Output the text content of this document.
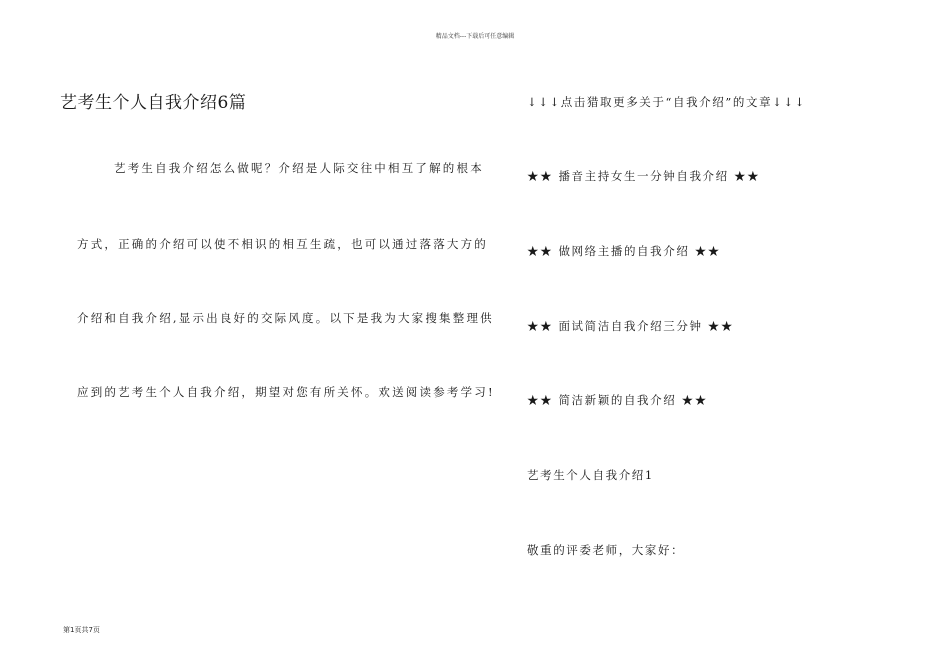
精品文档---下载后可任意编辑
艺考生个人自我介绍6篇

艺考生自我介绍怎么做呢？介绍是人际交往中相互了解的根本

方式，正确的介绍可以使不相识的相互生疏，也可以通过落落大方的

介绍和自我介绍,显示出良好的交际风度。以下是我为大家搜集整理供

应到的艺考生个人自我介绍，期望对您有所关怀。欢送阅读参考学习!

↓↓↓点击猎取更多关于“自我介绍”的文章↓↓↓

★★ 播音主持女生一分钟自我介绍 ★★

★★ 做网络主播的自我介绍 ★★

★★ 面试简洁自我介绍三分钟 ★★

★★ 简洁新颖的自我介绍 ★★

艺考生个人自我介绍1

敬重的评委老师，大家好：

第1页共7页
